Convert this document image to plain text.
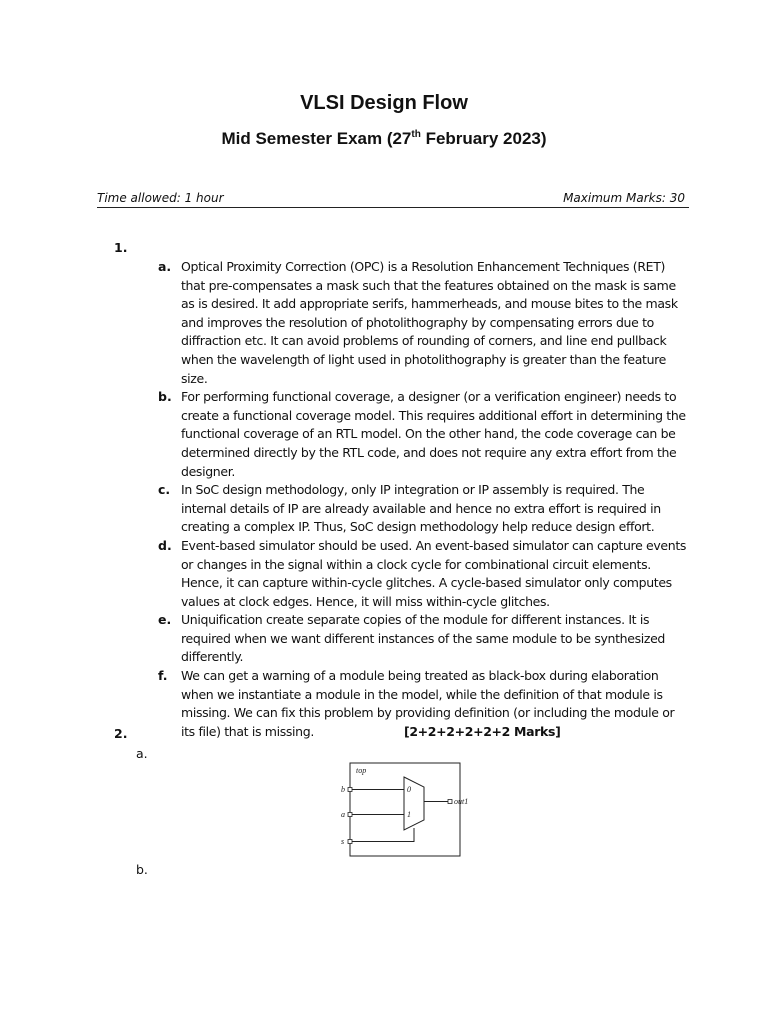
VLSI Design Flow
Mid Semester Exam (27th February 2023)
Time allowed: 1 hour	Maximum Marks: 30
1.
a. Optical Proximity Correction (OPC) is a Resolution Enhancement Techniques (RET) that pre-compensates a mask such that the features obtained on the mask is same as is desired. It add appropriate serifs, hammerheads, and mouse bites to the mask and improves the resolution of photolithography by compensating errors due to diffraction etc. It can avoid problems of rounding of corners, and line end pullback when the wavelength of light used in photolithography is greater than the feature size.
b. For performing functional coverage, a designer (or a verification engineer) needs to create a functional coverage model. This requires additional effort in determining the functional coverage of an RTL model. On the other hand, the code coverage can be determined directly by the RTL code, and does not require any extra effort from the designer.
c. In SoC design methodology, only IP integration or IP assembly is required. The internal details of IP are already available and hence no extra effort is required in creating a complex IP. Thus, SoC design methodology help reduce design effort.
d. Event-based simulator should be used. An event-based simulator can capture events or changes in the signal within a clock cycle for combinational circuit elements. Hence, it can capture within-cycle glitches. A cycle-based simulator only computes values at clock edges. Hence, it will miss within-cycle glitches.
e. Uniquification create separate copies of the module for different instances. It is required when we want different instances of the same module to be synthesized differently.
f. We can get a warning of a module being treated as black-box during elaboration when we instantiate a module in the model, while the definition of that module is missing. We can fix this problem by providing definition (or including the module or its file) that is missing.	[2+2+2+2+2+2 Marks]
2.
a.
b.
top
b
a
s
0
1
out1
